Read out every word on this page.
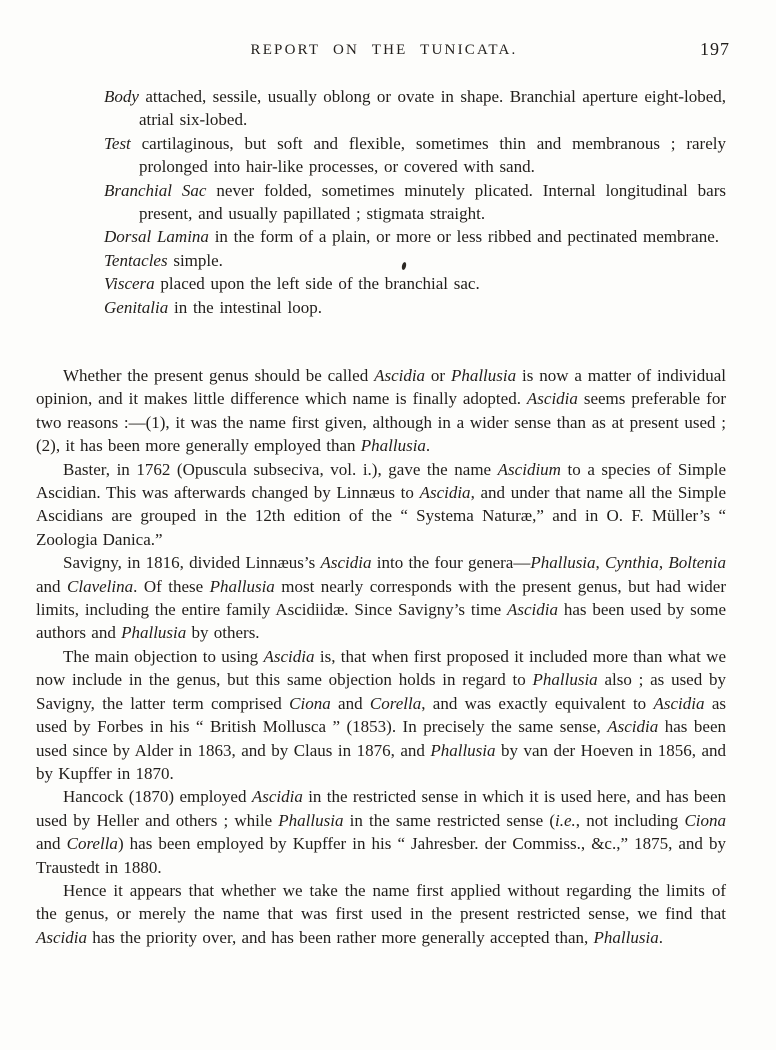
REPORT ON THE TUNICATA.	197

Body attached, sessile, usually oblong or ovate in shape. Branchial aperture eight-lobed, atrial six-lobed.

Test cartilaginous, but soft and flexible, sometimes thin and membranous ; rarely prolonged into hair-like processes, or covered with sand.

Branchial Sac never folded, sometimes minutely plicated. Internal longitudinal bars present, and usually papillated ; stigmata straight.

Dorsal Lamina in the form of a plain, or more or less ribbed and pectinated membrane.

Tentacles simple.

Viscera placed upon the left side of the branchial sac.

Genitalia in the intestinal loop.

Whether the present genus should be called Ascidia or Phallusia is now a matter of individual opinion, and it makes little difference which name is finally adopted. Ascidia seems preferable for two reasons :—(1), it was the name first given, although in a wider sense than as at present used ; (2), it has been more generally employed than Phallusia.

Baster, in 1762 (Opuscula subseciva, vol. i.), gave the name Ascidium to a species of Simple Ascidian. This was afterwards changed by Linnæus to Ascidia, and under that name all the Simple Ascidians are grouped in the 12th edition of the “ Systema Naturæ,” and in O. F. Müller’s “ Zoologia Danica.”

Savigny, in 1816, divided Linnæus’s Ascidia into the four genera—Phallusia, Cynthia, Boltenia and Clavelina. Of these Phallusia most nearly corresponds with the present genus, but had wider limits, including the entire family Ascidiidæ. Since Savigny’s time Ascidia has been used by some authors and Phallusia by others.

The main objection to using Ascidia is, that when first proposed it included more than what we now include in the genus, but this same objection holds in regard to Phallusia also ; as used by Savigny, the latter term comprised Ciona and Corella, and was exactly equivalent to Ascidia as used by Forbes in his “ British Mollusca ” (1853). In precisely the same sense, Ascidia has been used since by Alder in 1863, and by Claus in 1876, and Phallusia by van der Hoeven in 1856, and by Kupffer in 1870.

Hancock (1870) employed Ascidia in the restricted sense in which it is used here, and has been used by Heller and others ; while Phallusia in the same restricted sense (i.e., not including Ciona and Corella) has been employed by Kupffer in his “ Jahresber. der Commiss., &c.,” 1875, and by Traustedt in 1880.

Hence it appears that whether we take the name first applied without regarding the limits of the genus, or merely the name that was first used in the present restricted sense, we find that Ascidia has the priority over, and has been rather more generally accepted than, Phallusia.
